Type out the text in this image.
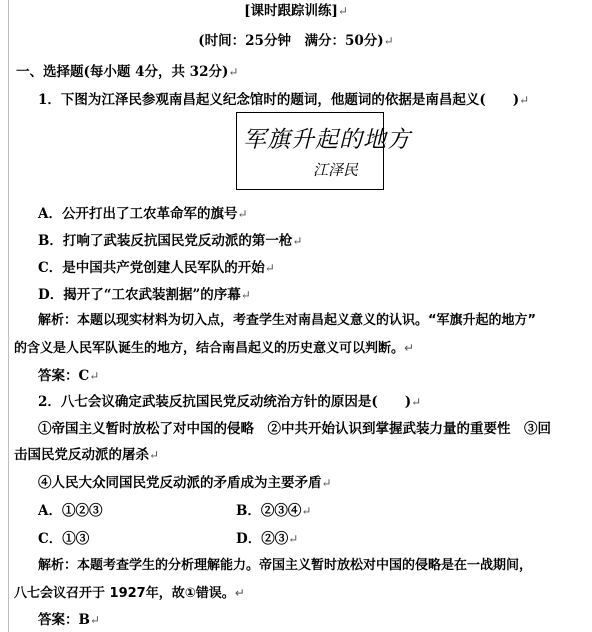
[课时跟踪训练]↵
(时间：25分钟　满分：50分)↵
一、选择题(每小题 4分，共 32分)↵
1．下图为江泽民参观南昌起义纪念馆时的题词，他题词的依据是南昌起义(　　)↵
军旗升起的地方
江泽民
A．公开打出了工农革命军的旗号↵
B．打响了武装反抗国民党反动派的第一枪↵
C．是中国共产党创建人民军队的开始↵
D．揭开了“工农武装割据”的序幕↵
解析：本题以现实材料为切入点，考查学生对南昌起义意义的认识。“军旗升起的地方”
的含义是人民军队诞生的地方，结合南昌起义的历史意义可以判断。↵
答案：C↵
2．八七会议确定武装反抗国民党反动统治方针的原因是(　　)↵
①帝国主义暂时放松了对中国的侵略　②中共开始认识到掌握武装力量的重要性　③回
击国民党反动派的屠杀↵
④人民大众同国民党反动派的矛盾成为主要矛盾↵
A．①②③	B．②③④↵
C．①③	D．②③↵
解析：本题考查学生的分析理解能力。帝国主义暂时放松对中国的侵略是在一战期间，
八七会议召开于 1927年，故①错误。↵
答案：B↵
